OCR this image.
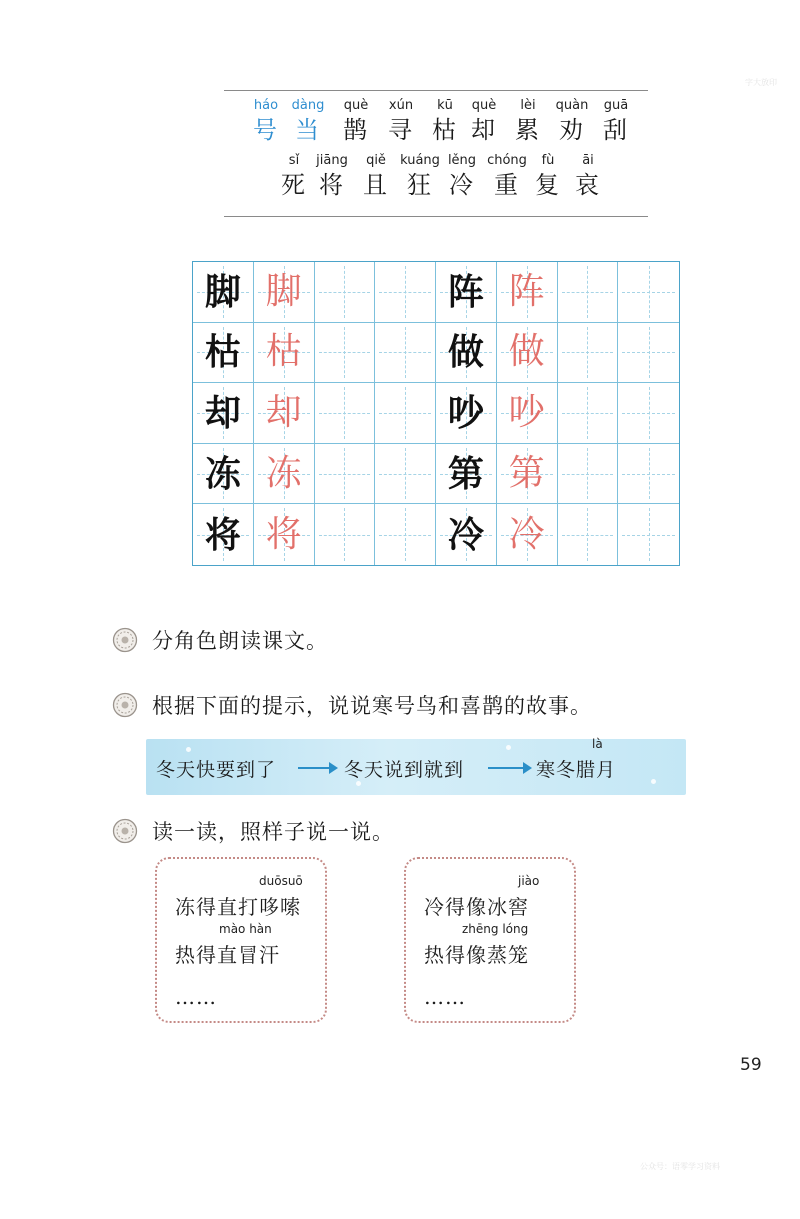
字大放印
公众号：语零学习资料
háo
号
dàng
当
què
鹊
xún
寻
kū
枯
què
却
lèi
累
quàn
劝
guā
刮
sǐ
死
jiāng
将
qiě
且
kuáng
狂
lěng
冷
chóng
重
fù
复
āi
哀
脚 脚	阵 阵
枯 枯	做 做
却 却	吵 吵
冻 冻	第 第
将 将	冷 冷
分角色朗读课文。
根据下面的提示，说说寒号鸟和喜鹊的故事。
冬天快要到了	冬天说到就到
là
寒冬腊月
读一读，照样子说一说。
duōsuō
冻得直打哆嗦
mào hàn
热得直冒汗
……
jiào
冷得像冰窖
zhēng lóng
热得像蒸笼
……
59
